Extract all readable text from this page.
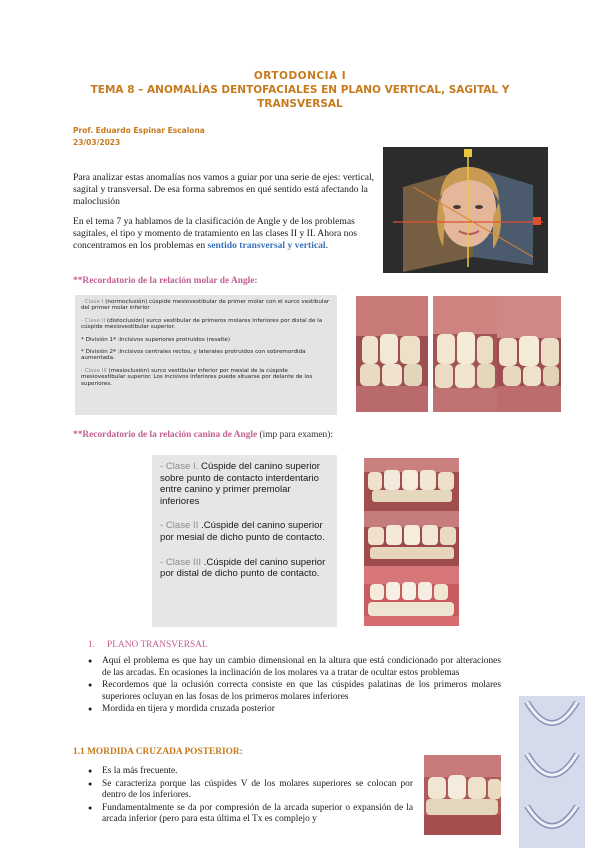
ORTODONCIA I
TEMA 8 – ANOMALÍAS DENTOFACIALES EN PLANO VERTICAL, SAGITAL Y TRANSVERSAL
Prof. Eduardo Espinar Escalona
23/03/2023

Para analizar estas anomalías nos vamos a guiar por una serie de ejes: vertical, sagital y transversal. De esa forma sabremos en qué sentido está afectando la maloclusión

En el tema 7 ya hablamos de la clasificación de Angle y de los problemas sagitales, el tipo y momento de tratamiento en las clases II y II. Ahora nos concentramos en los problemas en sentido transversal y vertical.

**Recordatorio de la relación molar de Angle:

- Clase I (normoclusión) cúspide mesiovestibular de primer molar con el surco vestibular del primer molar inferior

- Clase II (distoclusión) surco vestibular de primeros molares inferiores por distal de la cúspide mesiovestibular superior.

* División 1ª :Incisivos superiores protruidos (resalte)

* División 2ª :Incisivos centrales rectos, y laterales protruidos con sobremordida aumentada.

- Clase III (mesioclusión) surco vestibular inferior por mesial de la cúspide mesiovestibular superior. Los incisivos inferiores puede situarse por delante de los superiores.

**Recordatorio de la relación canina de Angle (imp para examen):

- Clase I. Cúspide del canino superior sobre punto de contacto interdentario entre canino y primer premolar inferiores

- Clase II .Cúspide del canino superior por mesial de dicho punto de contacto.

- Clase III .Cúspide del canino superior por distal de dicho punto de contacto.

1. PLANO TRANSVERSAL
● Aquí el problema es que hay un cambio dimensional en la altura que está condicionado por alteraciones de las arcadas. En ocasiones la inclinación de los molares va a tratar de ocultar estos problemas
● Recordemos que la oclusión correcta consiste en que las cúspides palatinas de los primeros molares superiores ocluyan en las fosas de los primeros molares inferiores
● Mordida en tijera y mordida cruzada posterior
1.1 MORDIDA CRUZADA POSTERIOR:
● Es la más frecuente.
● Se caracteriza porque las cúspides V de los molares superiores se colocan por dentro de los inferiores.
● Fundamentalmente se da por compresión de la arcada superior o expansión de la arcada inferior (pero para esta última el Tx es complejo y
